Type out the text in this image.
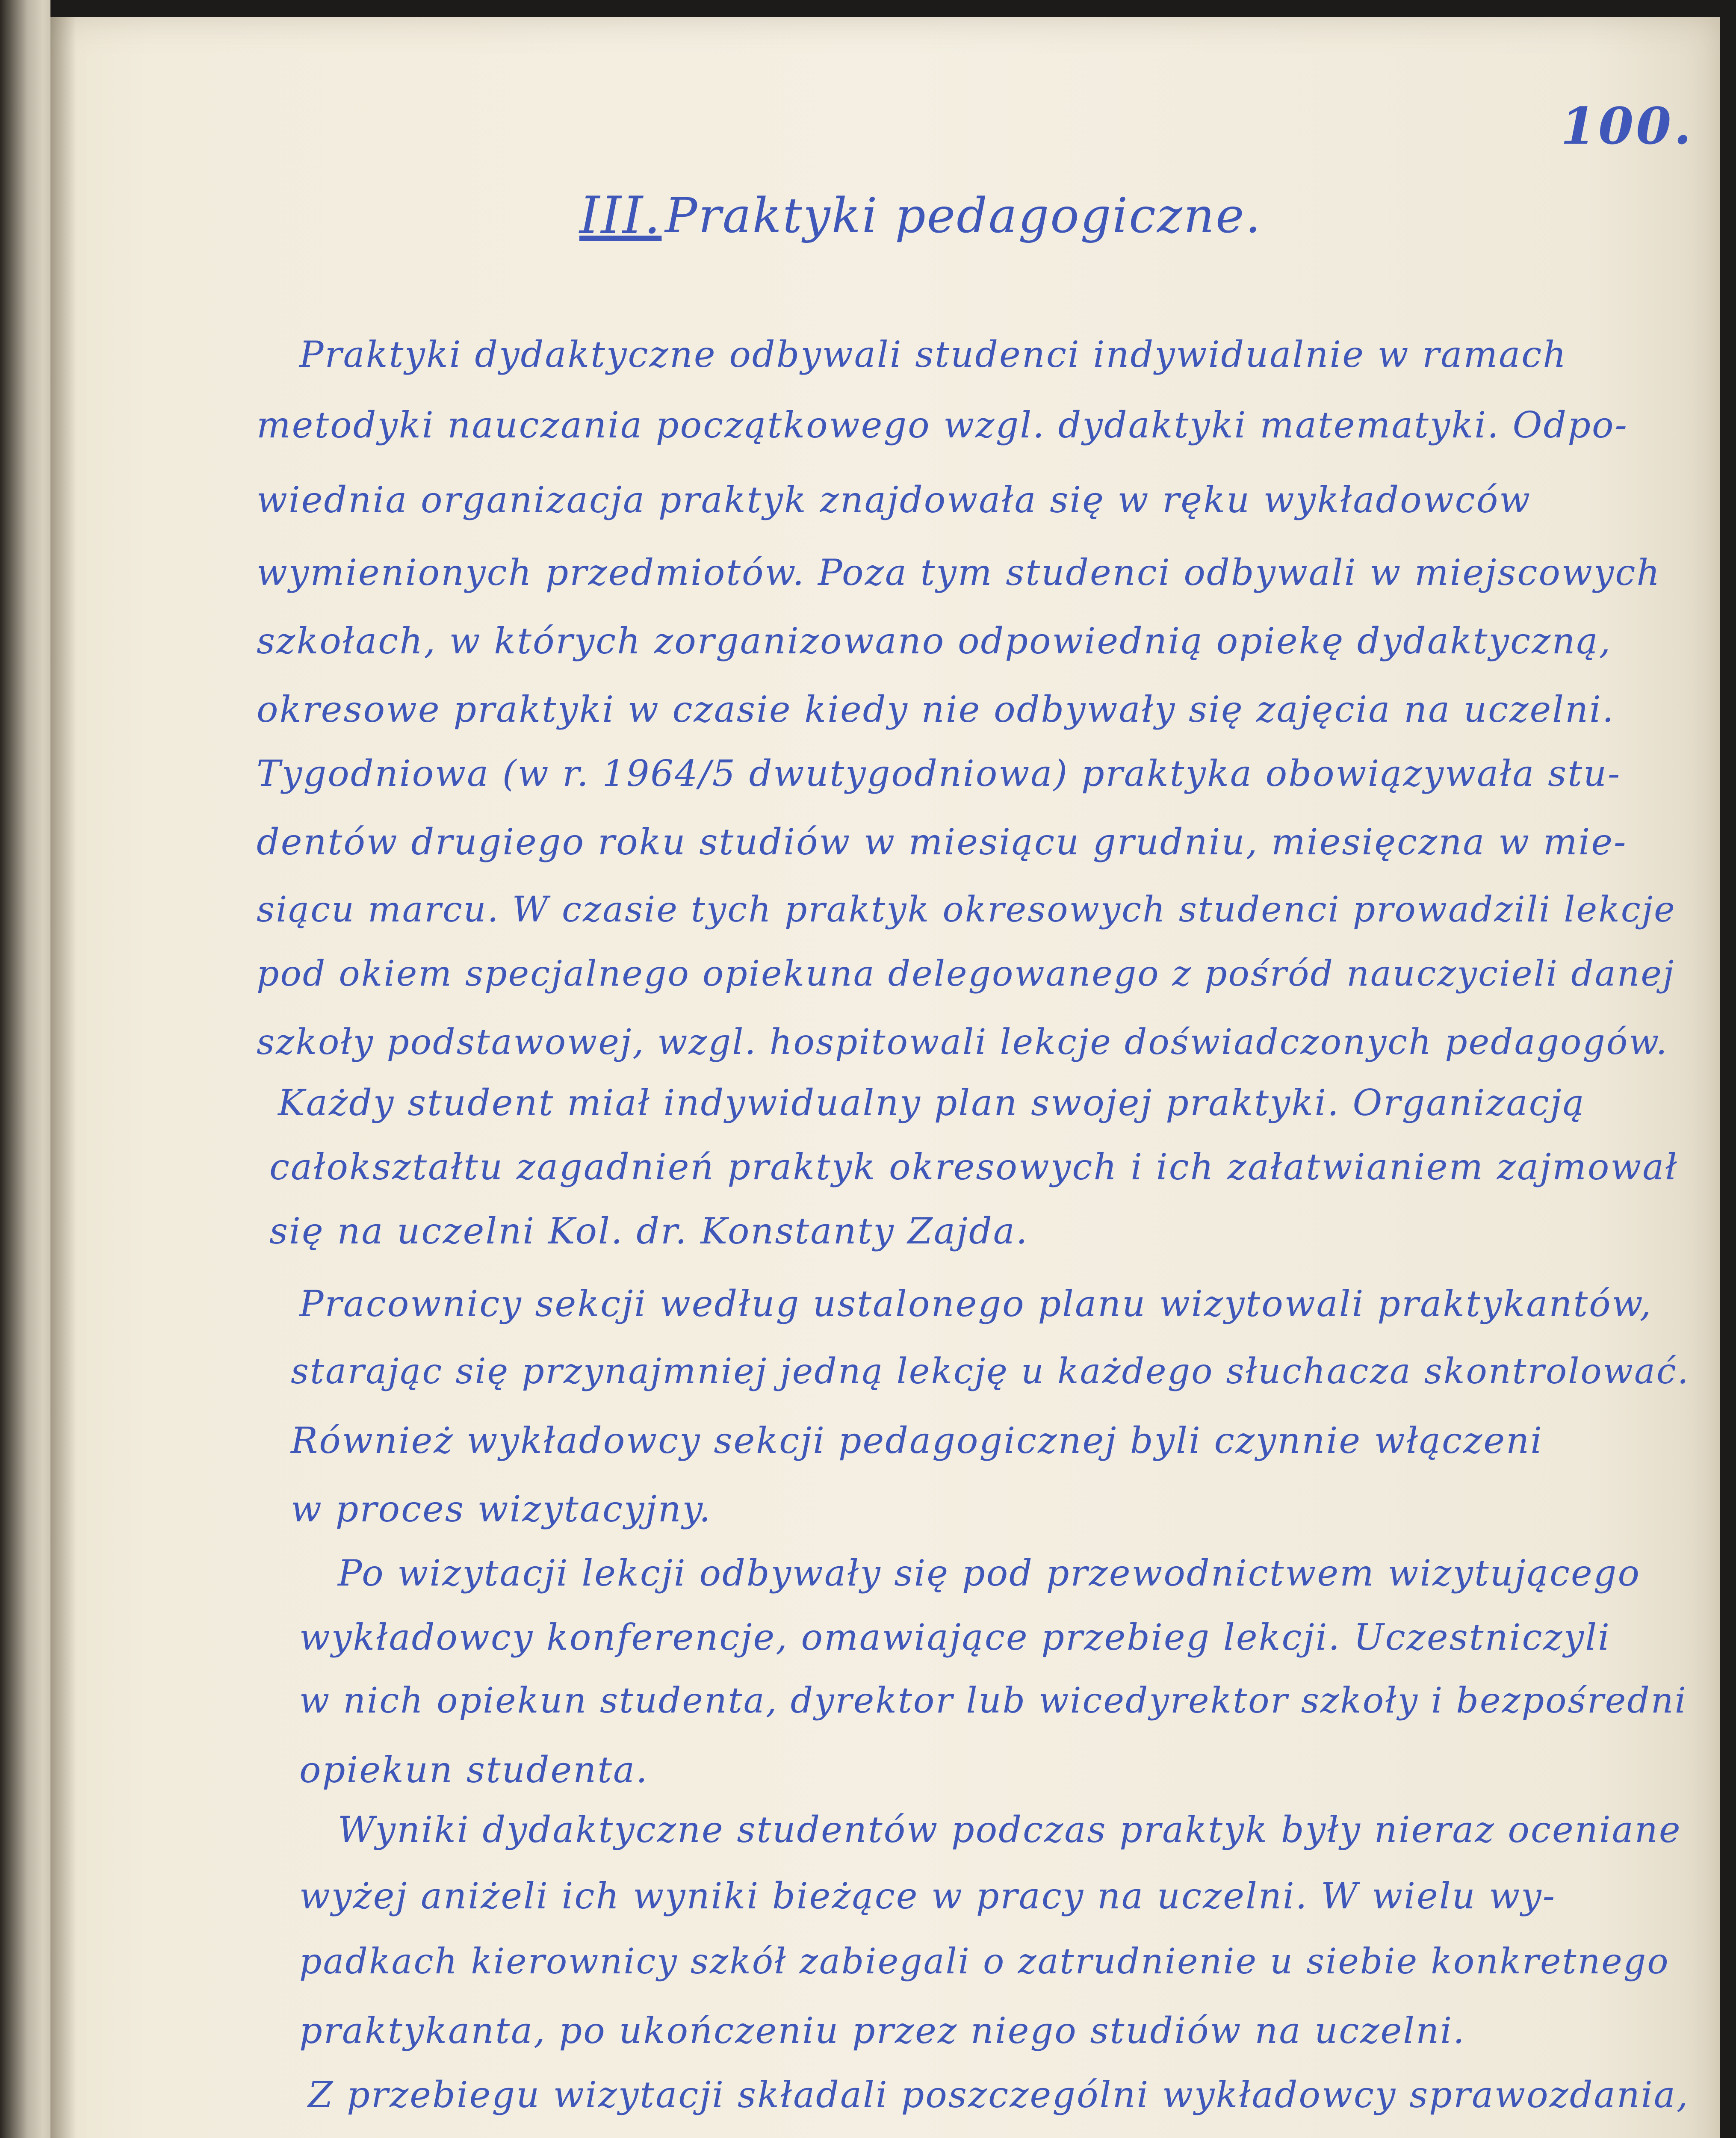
100.
III. Praktyki pedagogiczne.
Praktyki dydaktyczne odbywali studenci indywidualnie w ramach
metodyki nauczania początkowego wzgl. dydaktyki matematyki. Odpo-
wiednia organizacja praktyk znajdowała się w ręku wykładowców
wymienionych przedmiotów. Poza tym studenci odbywali w miejscowych
szkołach, w których zorganizowano odpowiednią opiekę dydaktyczną,
okresowe praktyki w czasie kiedy nie odbywały się zajęcia na uczelni.
Tygodniowa (w r. 1964/5 dwutygodniowa) praktyka obowiązywała stu-
dentów drugiego roku studiów w miesiącu grudniu, miesięczna w mie-
siącu marcu. W czasie tych praktyk okresowych studenci prowadzili lekcje
pod okiem specjalnego opiekuna delegowanego z pośród nauczycieli danej
szkoły podstawowej, wzgl. hospitowali lekcje doświadczonych pedagogów.
Każdy student miał indywidualny plan swojej praktyki. Organizacją
całokształtu zagadnień praktyk okresowych i ich załatwianiem zajmował
się na uczelni Kol. dr. Konstanty Zajda.
Pracownicy sekcji według ustalonego planu wizytowali praktykantów,
starając się przynajmniej jedną lekcję u każdego słuchacza skontrolować.
Również wykładowcy sekcji pedagogicznej byli czynnie włączeni
w proces wizytacyjny.
Po wizytacji lekcji odbywały się pod przewodnictwem wizytującego
wykładowcy konferencje, omawiające przebieg lekcji. Uczestniczyli
w nich opiekun studenta, dyrektor lub wicedyrektor szkoły i bezpośredni
opiekun studenta.
Wyniki dydaktyczne studentów podczas praktyk były nieraz oceniane
wyżej aniżeli ich wyniki bieżące w pracy na uczelni. W wielu wy-
padkach kierownicy szkół zabiegali o zatrudnienie u siebie konkretnego
praktykanta, po ukończeniu przez niego studiów na uczelni.
Z przebiegu wizytacji składali poszczególni wykładowcy sprawozdania,
